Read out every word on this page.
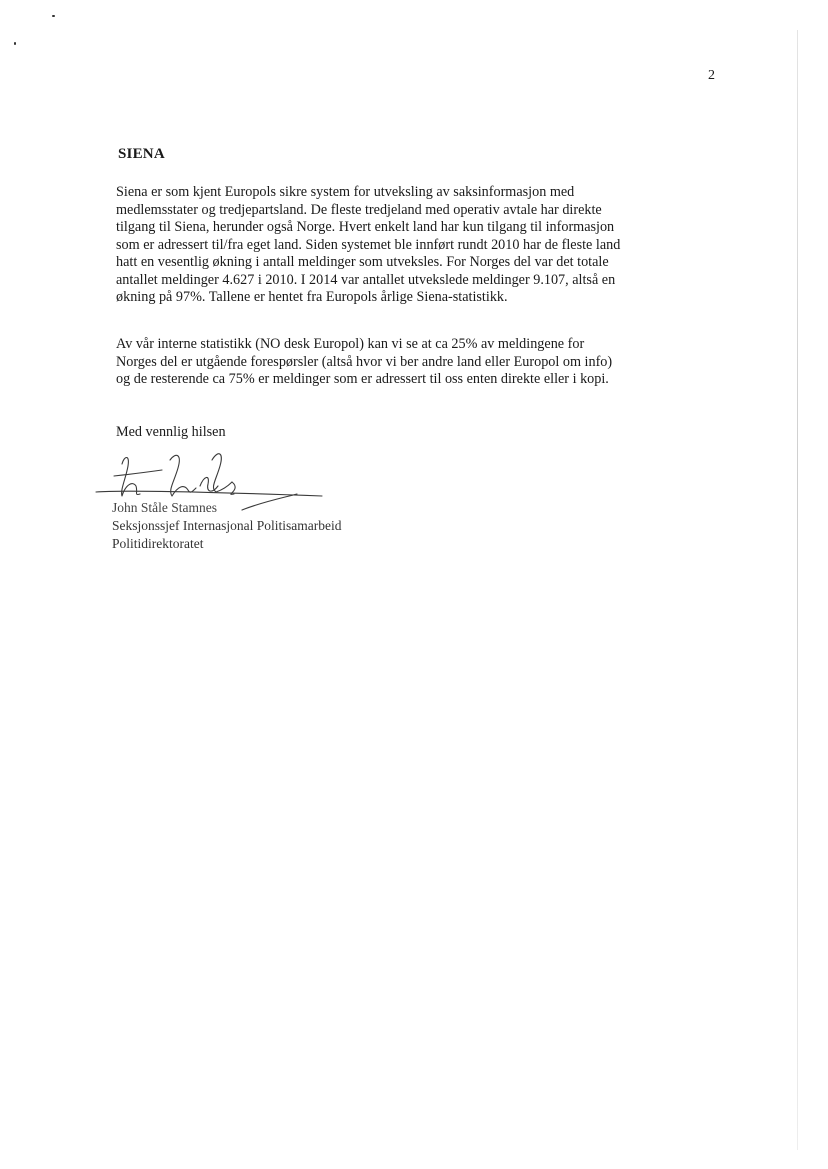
2
SIENA

Siena er som kjent Europols sikre system for utveksling av saksinformasjon med
medlemsstater og tredjepartsland. De fleste tredjeland med operativ avtale har direkte
tilgang til Siena, herunder også Norge. Hvert enkelt land har kun tilgang til informasjon
som er adressert til/fra eget land. Siden systemet ble innført rundt 2010 har de fleste land
hatt en vesentlig økning i antall meldinger som utveksles. For Norges del var det totale
antallet meldinger 4.627 i 2010. I 2014 var antallet utvekslede meldinger 9.107, altså en
økning på 97%. Tallene er hentet fra Europols årlige Siena-statistikk.

Av vår interne statistikk (NO desk Europol) kan vi se at ca 25% av meldingene for
Norges del er utgående forespørsler (altså hvor vi ber andre land eller Europol om info)
og de resterende ca 75% er meldinger som er adressert til oss enten direkte eller i kopi.

Med vennlig hilsen
John Ståle Stamnes
Seksjonssjef Internasjonal Politisamarbeid
Politidirektoratet
